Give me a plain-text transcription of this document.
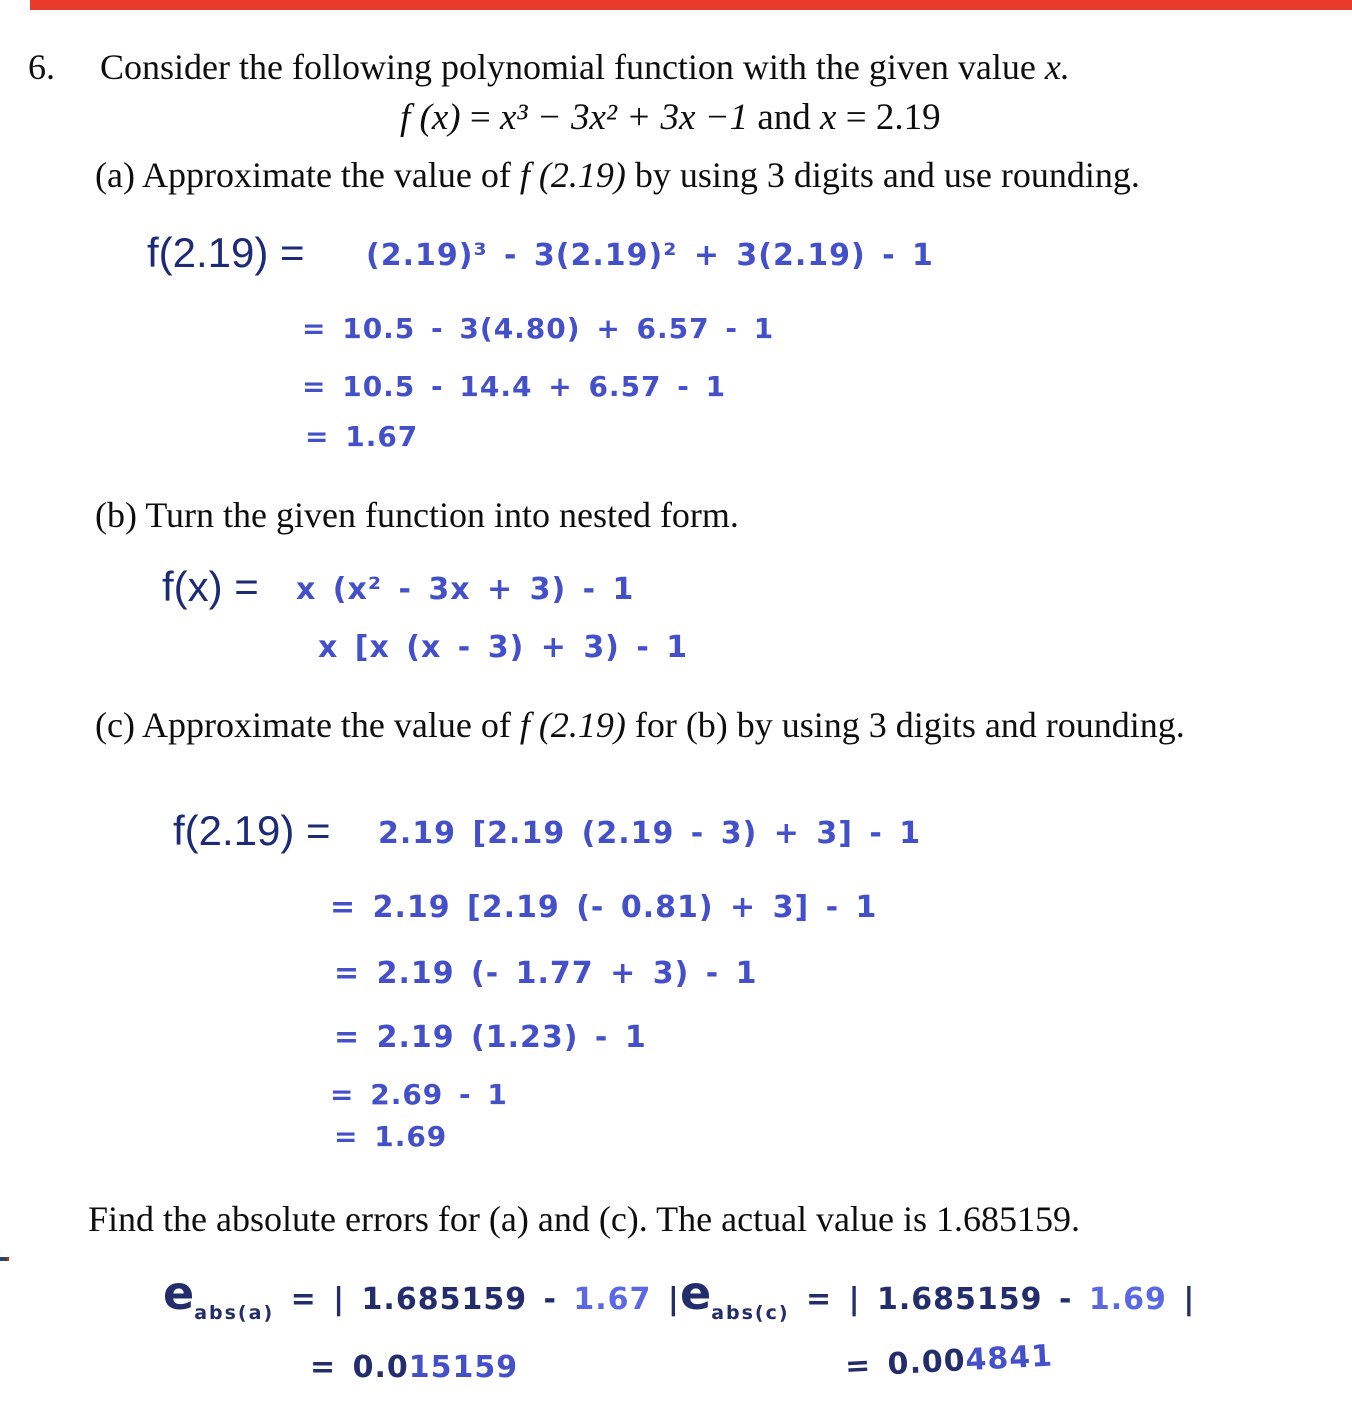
6. Consider the following polynomial function with the given value x.
f (x) = x³ − 3x² + 3x −1 and x = 2.19
(a) Approximate the value of f (2.19) by using 3 digits and use rounding.
f(2.19) = (2.19)³ - 3(2.19)² + 3(2.19) - 1
= 10.5 - 3(4.80) + 6.57 - 1
= 10.5 - 14.4 + 6.57 - 1
= 1.67
(b) Turn the given function into nested form.
f(x) = x (x² - 3x + 3) - 1
x [x (x - 3) + 3) - 1
(c) Approximate the value of f (2.19) for (b) by using 3 digits and rounding.
f(2.19) = 2.19 [2.19 (2.19 - 3) + 3] - 1
= 2.19 [2.19 (- 0.81) + 3] - 1
= 2.19 (- 1.77 + 3) - 1
= 2.19 (1.23) - 1
= 2.69 - 1
= 1.69
Find the absolute errors for (a) and (c). The actual value is 1.685159.
eabs(a) = | 1.685159 - 1.67 | eabs(c) = | 1.685159 - 1.69 |
= 0.015159	= 0.004841
